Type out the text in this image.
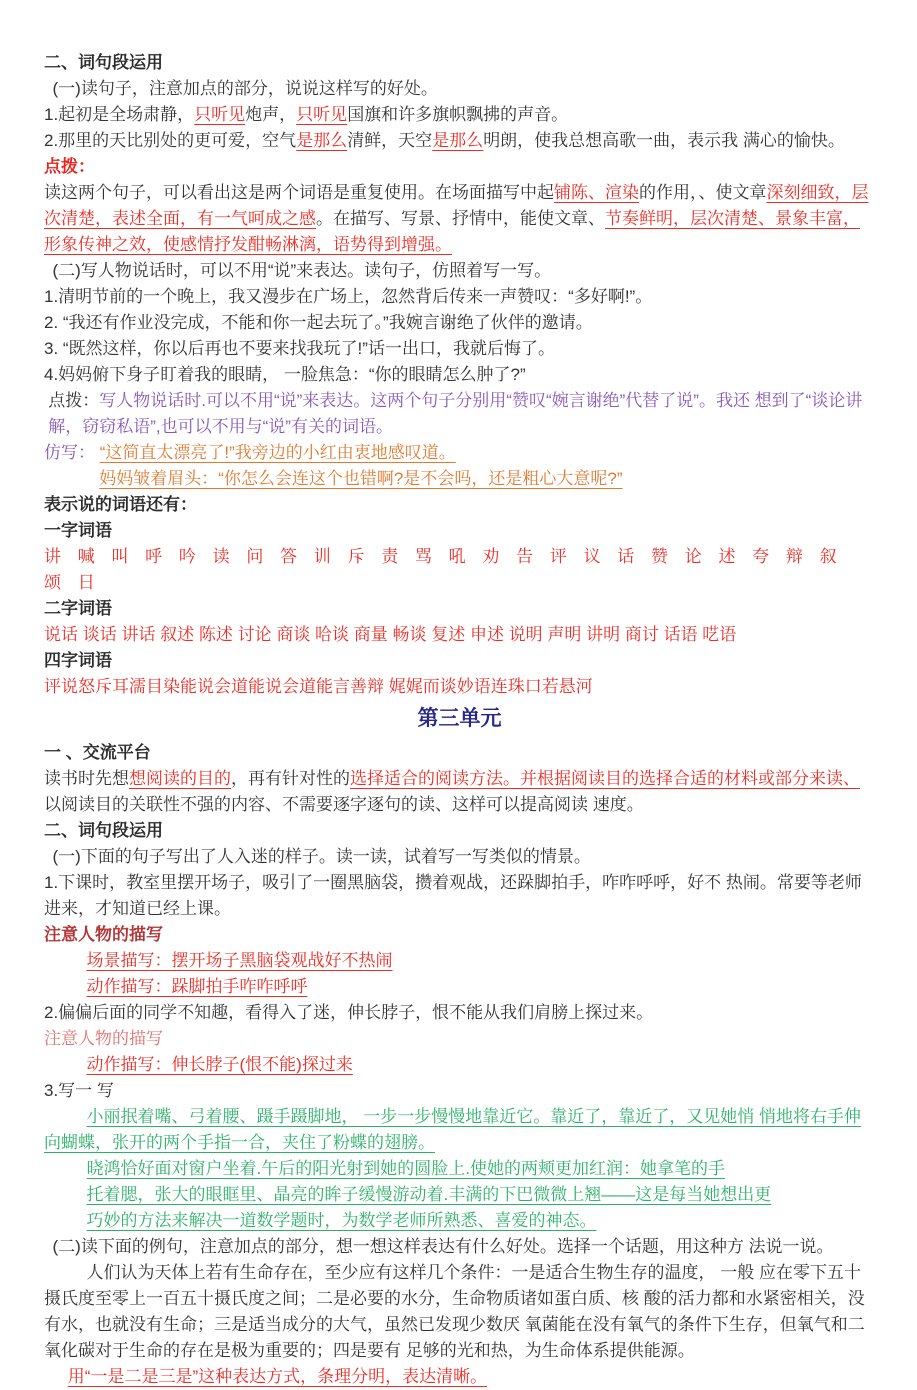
二、词句段运用

(一)读句子，注意加点的部分，说说这样写的好处。

1.起初是全场肃静，只听见炮声，只听见国旗和许多旗帜飘拂的声音。

2.那里的天比别处的更可爱，空气是那么清鲜，天空是那么明朗，使我总想高歌一曲，表示我 满心的愉快。

点拨：

读这两个句子，可以看出这是两个词语是重复使用。在场面描写中起铺陈、渲染的作用，、使文章深刻细致，层次清楚，表述全面，有一气呵成之感。在描写、写景、抒情中，能使文章、节奏鲜明，层次清楚、景象丰富，形象传神之效，使感情抒发酣畅淋漓，语势得到增强。

(二)写人物说话时，可以不用“说”来表达。读句子，仿照着写一写。

1.清明节前的一个晚上，我又漫步在广场上，忽然背后传来一声赞叹：“多好啊!”。

2. “我还有作业没完成，不能和你一起去玩了。”我婉言谢绝了伙伴的邀请。

3. “既然这样，你以后再也不要来找我玩了!”话一出口，我就后悔了。

4.妈妈俯下身子盯着我的眼睛， 一脸焦急：“你的眼睛怎么肿了?”

点拨：写人物说话时.可以不用“说”来表达。这两个句子分别用“赞叹“婉言谢绝”代替了说”。我还 想到了“谈论讲解，窃窃私语”,也可以不用与“说”有关的词语。

仿写： “这简直太漂亮了!”我旁边的小红由衷地感叹道。

妈妈皱着眉头：“你怎么会连这个也错啊?是不会吗，还是粗心大意呢?”

表示说的词语还有：

一字词语

讲 喊 叫 呼 吟 读 问 答 训 斥 责 骂 吼 劝 告 评 议 话 赞 论 述 夸 辩 叙 颂 日

二字词语

说话 谈话 讲话 叙述 陈述 讨论 商谈 哈谈 商量 畅谈 复述 申述 说明 声明 讲明 商讨 话语 呓语

四字词语

评说怒斥耳濡目染能说会道能说会道能言善辩 娓娓而谈妙语连珠口若悬河

第三单元

一 、交流平台

读书时先想想阅读的目的，再有针对性的选择适合的阅读方法。并根据阅读目的选择合适的材料或部分来读、以阅读目的关联性不强的内容、不需要逐字逐句的读、这样可以提高阅读 速度。

二、词句段运用

(一)下面的句子写出了人入迷的样子。读一读，试着写一写类似的情景。

1.下课时，教室里摆开场子，吸引了一圈黑脑袋，攒着观战，还跺脚拍手，咋咋呼呼，好不 热闹。常要等老师进来，才知道已经上课。

注意人物的描写

场景描写：摆开场子黑脑袋观战好不热闹

动作描写：跺脚拍手咋咋呼呼

2.偏偏后面的同学不知趣，看得入了迷，伸长脖子，恨不能从我们肩膀上探过来。

注意人物的描写

动作描写：伸长脖子(恨不能)探过来

3.写一 写

小丽抿着嘴、弓着腰、蹑手蹑脚地， 一步一步慢慢地靠近它。靠近了，靠近了，又见她悄 悄地将右手伸向蝴蝶，张开的两个手指一合，夹住了粉蝶的翅膀。

晓鸿恰好面对窗户坐着.午后的阳光射到她的圆脸上.使她的两颊更加红润：她拿笔的手

托着腮，张大的眼眶里、晶亮的眸子缓慢游动着.丰满的下巴微微上翘——这是每当她想出更

巧妙的方法来解决一道数学题时，为数学老师所熟悉、喜爱的神态。

(二)读下面的例句，注意加点的部分，想一想这样表达有什么好处。选择一个话题，用这种方 法说一说。

人们认为天体上若有生命存在，至少应有这样几个条件：一是适合生物生存的温度， 一般 应在零下五十摄氏度至零上一百五十摄氏度之间；二是必要的水分，生命物质诸如蛋白质、核 酸的活力都和水紧密相关，没有水，也就没有生命；三是适当成分的大气，虽然已发现少数厌 氧菌能在没有氧气的条件下生存，但氧气和二氧化碳对于生命的存在是极为重要的；四是要有 足够的光和热，为生命体系提供能源。

用“一是二是三是”这种表达方式，条理分明，表达清晰。
